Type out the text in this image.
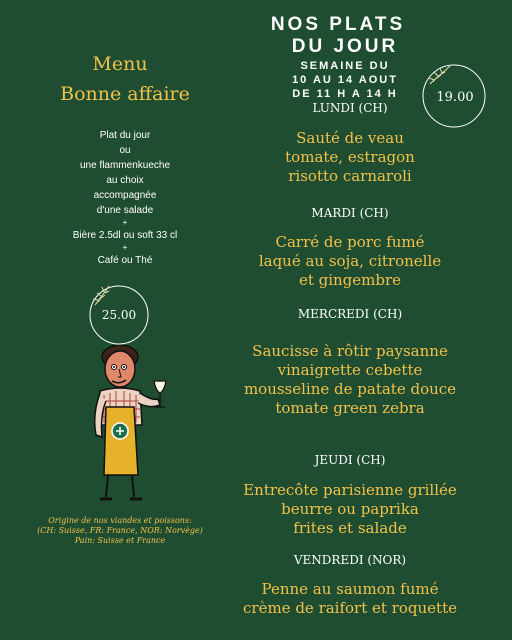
NOS PLATS
DU JOUR
SEMAINE DU
10 AU 14 AOUT
DE 11 H A 14 H	19.00
LUNDI (CH)
Sauté de veau
tomate, estragon
risotto carnaroli
MARDI (CH)
Carré de porc fumé
laqué au soja, citronelle
et gingembre
MERCREDI (CH)
Saucisse à rôtir paysanne
vinaigrette cebette
mousseline de patate douce
tomate green zebra
JEUDI (CH)
Entrecôte parisienne grillée
beurre ou paprika
frites et salade
VENDREDI (NOR)
Penne au saumon fumé
crème de raifort et roquette
Menu
Bonne affaire
Plat du jour
ou
une flammenkueche
au choix
accompagnée
d'une salade
+
Bière 2.5dl ou soft 33 cl
+
Café ou Thé
25.00
Origine de nos viandes et poissons:
(CH: Suisse, FR: France, NOR: Norvège)
Pain: Suisse et France
